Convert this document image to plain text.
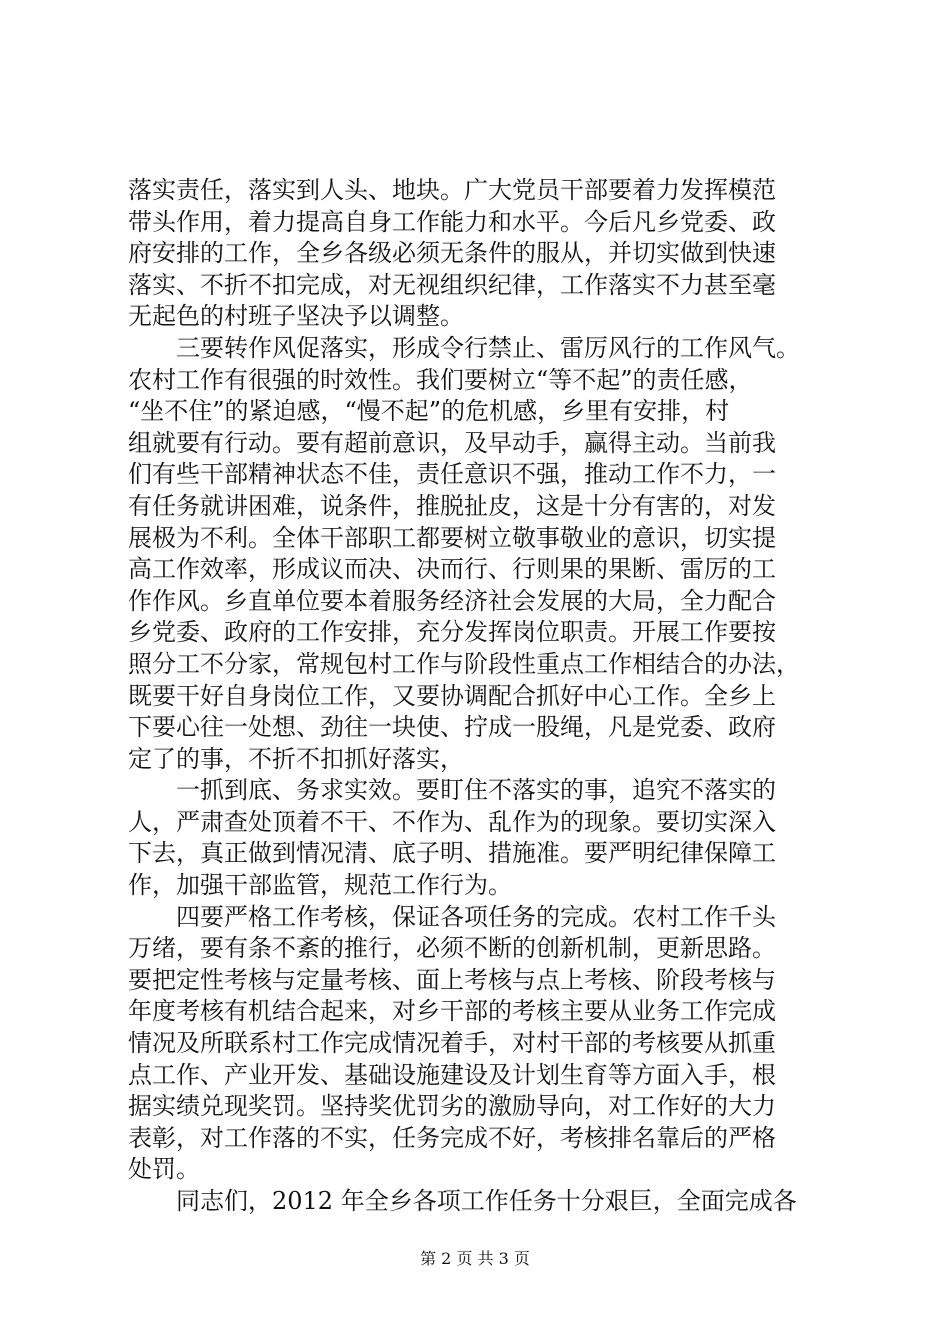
落实责任，落实到人头、地块。广大党员干部要着力发挥模范
带头作用，着力提高自身工作能力和水平。今后凡乡党委、政
府安排的工作，全乡各级必须无条件的服从，并切实做到快速
落实、不折不扣完成，对无视组织纪律，工作落实不力甚至毫
无起色的村班子坚决予以调整。
　　三要转作风促落实，形成令行禁止、雷厉风行的工作风气。
农村工作有很强的时效性。我们要树立“等不起”的责任感，
“坐不住”的紧迫感，“慢不起”的危机感，乡里有安排，村
组就要有行动。要有超前意识，及早动手，赢得主动。当前我
们有些干部精神状态不佳，责任意识不强，推动工作不力，一
有任务就讲困难，说条件，推脱扯皮，这是十分有害的，对发
展极为不利。全体干部职工都要树立敬事敬业的意识，切实提
高工作效率，形成议而决、决而行、行则果的果断、雷厉的工
作作风。乡直单位要本着服务经济社会发展的大局，全力配合
乡党委、政府的工作安排，充分发挥岗位职责。开展工作要按
照分工不分家，常规包村工作与阶段性重点工作相结合的办法，
既要干好自身岗位工作，又要协调配合抓好中心工作。全乡上
下要心往一处想、劲往一块使、拧成一股绳，凡是党委、政府
定了的事，不折不扣抓好落实，
　　一抓到底、务求实效。要盯住不落实的事，追究不落实的
人，严肃查处顶着不干、不作为、乱作为的现象。要切实深入
下去，真正做到情况清、底子明、措施准。要严明纪律保障工
作，加强干部监管，规范工作行为。
　　四要严格工作考核，保证各项任务的完成。农村工作千头
万绪，要有条不紊的推行，必须不断的创新机制，更新思路。
要把定性考核与定量考核、面上考核与点上考核、阶段考核与
年度考核有机结合起来，对乡干部的考核主要从业务工作完成
情况及所联系村工作完成情况着手，对村干部的考核要从抓重
点工作、产业开发、基础设施建设及计划生育等方面入手，根
据实绩兑现奖罚。坚持奖优罚劣的激励导向，对工作好的大力
表彰，对工作落的不实，任务完成不好，考核排名靠后的严格
处罚。
　　同志们，2012 年全乡各项工作任务十分艰巨，全面完成各
第 2 页 共 3 页
